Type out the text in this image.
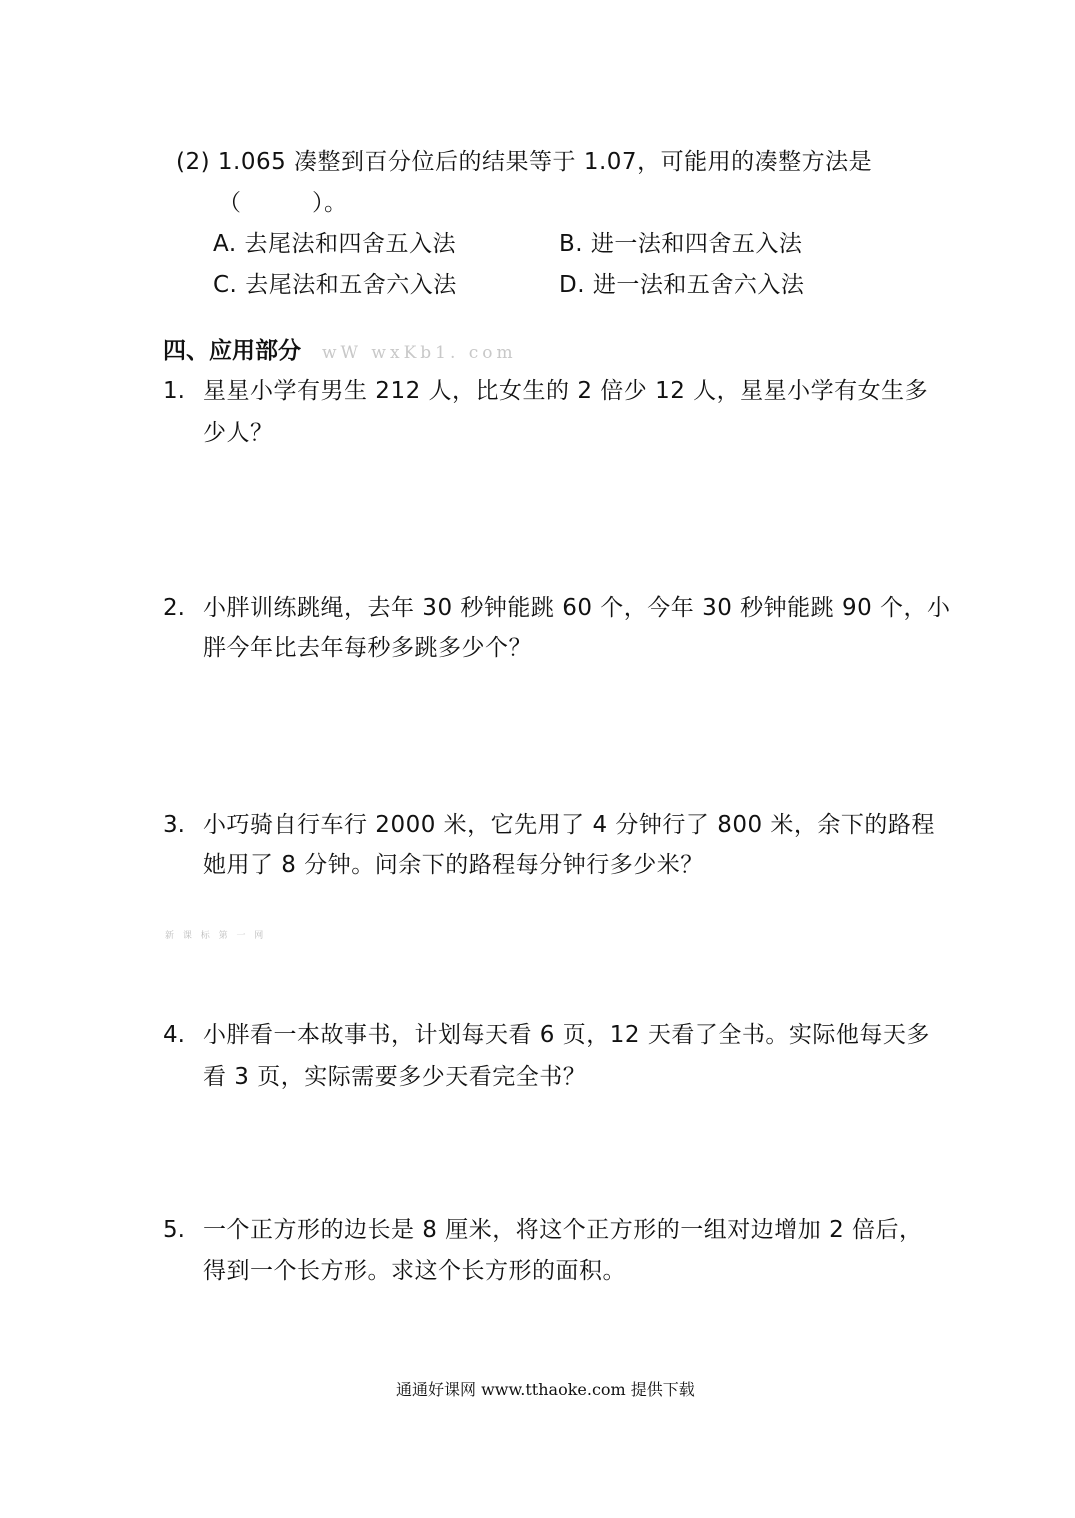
(2) 1.065 凑整到百分位后的结果等于 1.07，可能用的凑整方法是
（　　　）。
A. 去尾法和四舍五入法	B. 进一法和四舍五入法
C. 去尾法和五舍六入法	D. 进一法和五舍六入法
四、应用部分 wW wxKb1. com
1. 星星小学有男生 212 人，比女生的 2 倍少 12 人，星星小学有女生多
少人？
2. 小胖训练跳绳，去年 30 秒钟能跳 60 个，今年 30 秒钟能跳 90 个，小
胖今年比去年每秒多跳多少个？
3. 小巧骑自行车行 2000 米，它先用了 4 分钟行了 800 米，余下的路程
她用了 8 分钟。问余下的路程每分钟行多少米？
新 课 标 第 一 网
4. 小胖看一本故事书，计划每天看 6 页，12 天看了全书。实际他每天多
看 3 页，实际需要多少天看完全书？
5. 一个正方形的边长是 8 厘米，将这个正方形的一组对边增加 2 倍后，
得到一个长方形。求这个长方形的面积。
通通好课网 www.tthaoke.com 提供下载
